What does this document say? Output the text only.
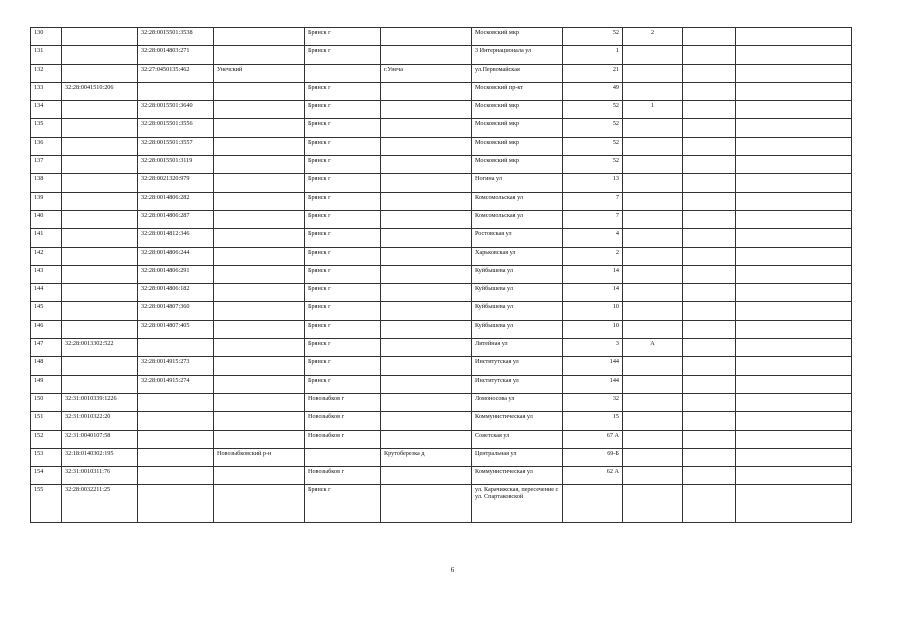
130		32:28:0015501:3538		Брянск г		Московский мкр	52	2		
131		32:28:0014803:271		Брянск г		3 Интернационала ул	1			
132		32:27:0450135:462	Унечский		г.Унеча	ул.Первомайская	21			
133	32:28:0041510:206			Брянск г		Московский пр-кт	49			
134		32:28:0015501:3640		Брянск г		Московский мкр	52	1		
135		32:28:0015501:3556		Брянск г		Московский мкр	52			
136		32:28:0015501:3557		Брянск г		Московский мкр	52			
137		32:28:0015501:3119		Брянск г		Московский мкр	52			
138		32:28:0021320:979		Брянск г		Ногина ул	13			
139		32:28:0014806:282		Брянск г		Комсомольская ул	7			
140		32:28:0014806:287		Брянск г		Комсомольская ул	7			
141		32:28:0014812:346		Брянск г		Ростовская ул	4			
142		32:28:0014806:244		Брянск г		Харьковская ул	2			
143		32:28:0014806:291		Брянск г		Куйбышева ул	14			
144		32:28:0014806:182		Брянск г		Куйбышева ул	14			
145		32:28:0014807:360		Брянск г		Куйбышева ул	10			
146		32:28:0014807:405		Брянск г		Куйбышева ул	10			
147	32:28:0013302:522			Брянск г		Литейная ул	3	А		
148		32:28:0014915:273		Брянск г		Институтская ул	144			
149		32:28:0014915:274		Брянск г		Институтская ул	144			
150	32:31:0010339:1226			Новозыбков г		Ломоносова ул	32			
151	32:31:0010322:20			Новозыбков г		Коммунистическая ул	15			
152	32:31:0040107:58			Новозыбков г		Советская ул	67 А			
153	32:18:0140302:195		Новозыбковский р-н		Крутоберезка д	Центральная ул	69-Б			
154	32:31:0010311:76			Новозыбков г		Коммунистическая ул	62 А			
155	32:28:0032211:25			Брянск г		ул. Карачижская, пересечение с ул. Спартаковской				
6
